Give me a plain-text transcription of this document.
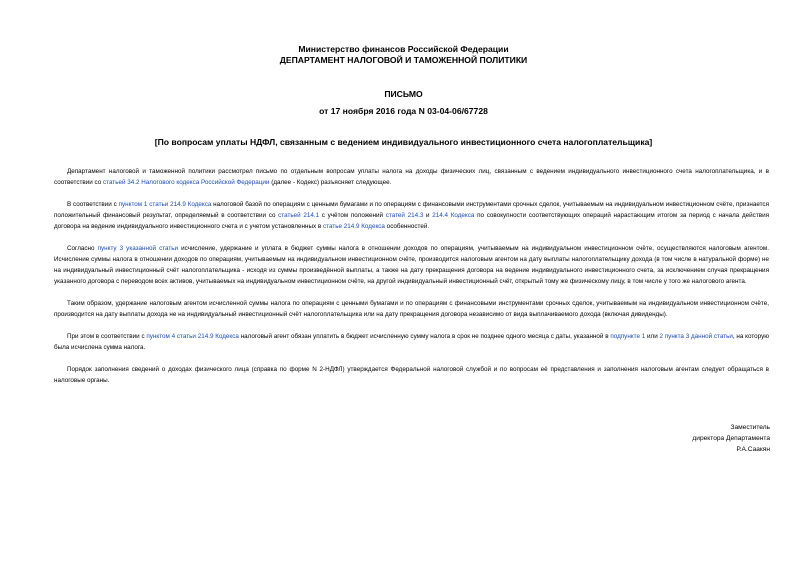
Министерство финансов Российской Федерации
ДЕПАРТАМЕНТ НАЛОГОВОЙ И ТАМОЖЕННОЙ ПОЛИТИКИ
ПИСЬМО
от 17 ноября 2016 года N 03-04-06/67728
[По вопросам уплаты НДФЛ, связанным с ведением индивидуального инвестиционного счета налогоплательщика]

Департамент налоговой и таможенной политики рассмотрел письмо по отдельным вопросам уплаты налога на доходы физических лиц, связанным с ведением индивидуального инвестиционного счета налогоплательщика, и в соответствии со статьей 34.2 Налогового кодекса Российской Федерации (далее - Кодекс) разъясняет следующее.

В соответствии с пунктом 1 статьи 214.9 Кодекса налоговой базой по операциям с ценными бумагами и по операциям с финансовыми инструментами срочных сделок, учитываемым на индивидуальном инвестиционном счёте, признается положительный финансовый результат, определяемый в соответствии со статьей 214.1 с учётом положений статей 214.3 и 214.4 Кодекса по совокупности соответствующих операций нарастающим итогом за период с начала действия договора на ведение индивидуального инвестиционного счета и с учетом установленных в статье 214.9 Кодекса особенностей.

Согласно пункту 3 указанной статьи исчисление, удержание и уплата в бюджет суммы налога в отношении доходов по операциям, учитываемым на индивидуальном инвестиционном счёте, осуществляются налоговым агентом. Исчисление суммы налога в отношении доходов по операциям, учитываемым на индивидуальном инвестиционном счёте, производится налоговым агентом на дату выплаты налогоплательщику дохода (в том числе в натуральной форме) не на индивидуальный инвестиционный счёт налогоплательщика - исходя из суммы произведённой выплаты, а также на дату прекращения договора на ведение индивидуального инвестиционного счета, за исключением случая прекращения указанного договора с переводом всех активов, учитываемых на индивидуальном инвестиционном счёте, на другой индивидуальный инвестиционный счёт, открытый тому же физическому лицу, в том числе у того же налогового агента.

Таким образом, удержание налоговым агентом исчисленной суммы налога по операциям с ценными бумагами и по операциям с финансовыми инструментами срочных сделок, учитываемым на индивидуальном инвестиционном счёте, производится на дату выплаты дохода не на индивидуальный инвестиционный счёт налогоплательщика или на дату прекращения договора независимо от вида выплачиваемого дохода (включая дивиденды).

При этом в соответствии с пунктом 4 статьи 214.9 Кодекса налоговый агент обязан уплатить в бюджет исчисленную сумму налога в срок не позднее одного месяца с даты, указанной в подпункте 1 или 2 пункта 3 данной статьи, на которую была исчислена сумма налога.

Порядок заполнения сведений о доходах физического лица (справка по форме N 2-НДФЛ) утверждается Федеральной налоговой службой и по вопросам её представления и заполнения налоговым агентам следует обращаться в налоговые органы.

Заместитель
директора Департамента
Р.А.Саакян
